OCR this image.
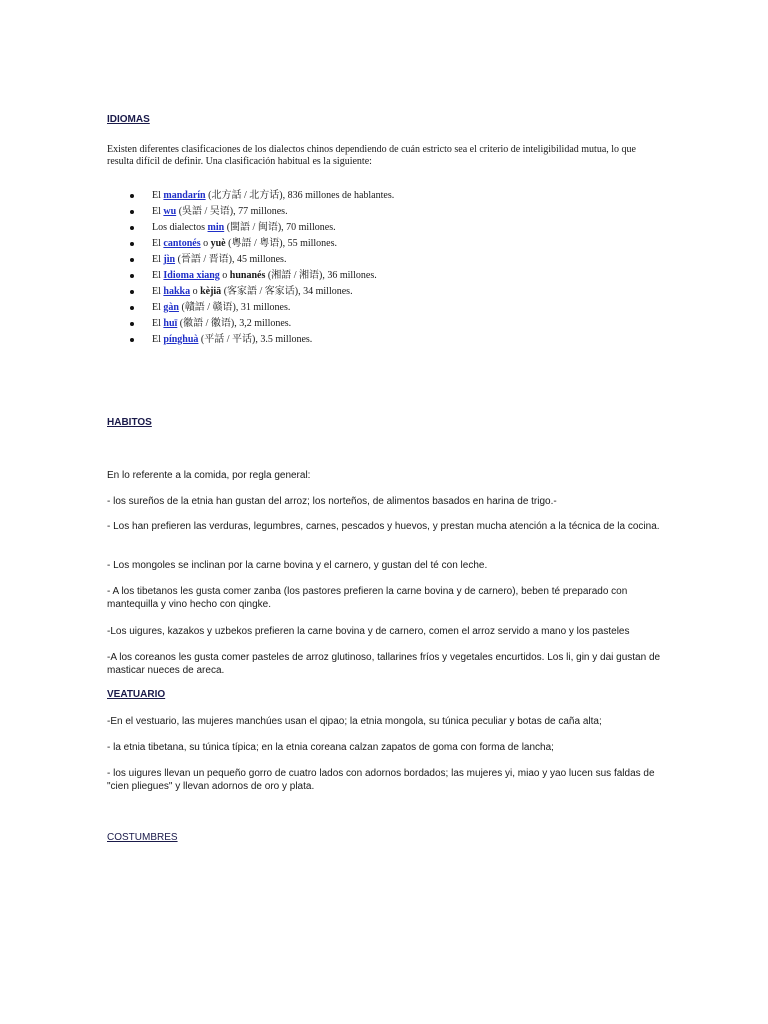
IDIOMAS
Existen diferentes clasificaciones de los dialectos chinos dependiendo de cuán estricto sea el criterio de inteligibilidad mutua, lo que resulta difícil de definir. Una clasificación habitual es la siguiente:
El mandarín (北方話 / 北方话), 836 millones de hablantes.
El wu (吳語 / 吴语), 77 millones.
Los dialectos min (閩語 / 闽语), 70 millones.
El cantonés o yuè (粵語 / 粤语), 55 millones.
El jìn (晉語 / 晋语), 45 millones.
El Idioma xiang o hunanés (湘語 / 湘语), 36 millones.
El hakka o kèjiā (客家語 / 客家话), 34 millones.
El gàn (贛語 / 赣语), 31 millones.
El huī (徽語 / 徽语), 3,2 millones.
El pínghuà (平話 / 平话), 3.5 millones.
HABITOS
En lo referente a la comida, por regla general:
- los sureños de la etnia han gustan del arroz; los norteños, de alimentos basados en harina de trigo.-
- Los han prefieren las verduras, legumbres, carnes, pescados y huevos, y prestan mucha atención a la técnica de la cocina.
- Los mongoles se inclinan por la carne bovina y el carnero, y gustan del té con leche.
- A los tibetanos les gusta comer zanba (los pastores prefieren la carne bovina y de carnero), beben té preparado con mantequilla y vino hecho con qingke.
-Los uigures, kazakos y uzbekos prefieren la carne bovina y de carnero, comen el arroz servido a mano y los pasteles
-A los coreanos les gusta comer pasteles de arroz glutinoso, tallarines fríos y vegetales encurtidos. Los li, gin y dai gustan de masticar nueces de areca.
VEATUARIO
-En el vestuario, las mujeres manchúes usan el qipao; la etnia mongola, su túnica peculiar y botas de caña alta;
- la etnia tibetana, su túnica típica; en la etnia coreana calzan zapatos de goma con forma de lancha;
- los uigures llevan un pequeño gorro de cuatro lados con adornos bordados; las mujeres yi, miao y yao lucen sus faldas de "cien pliegues" y llevan adornos de oro y plata.
COSTUMBRES
